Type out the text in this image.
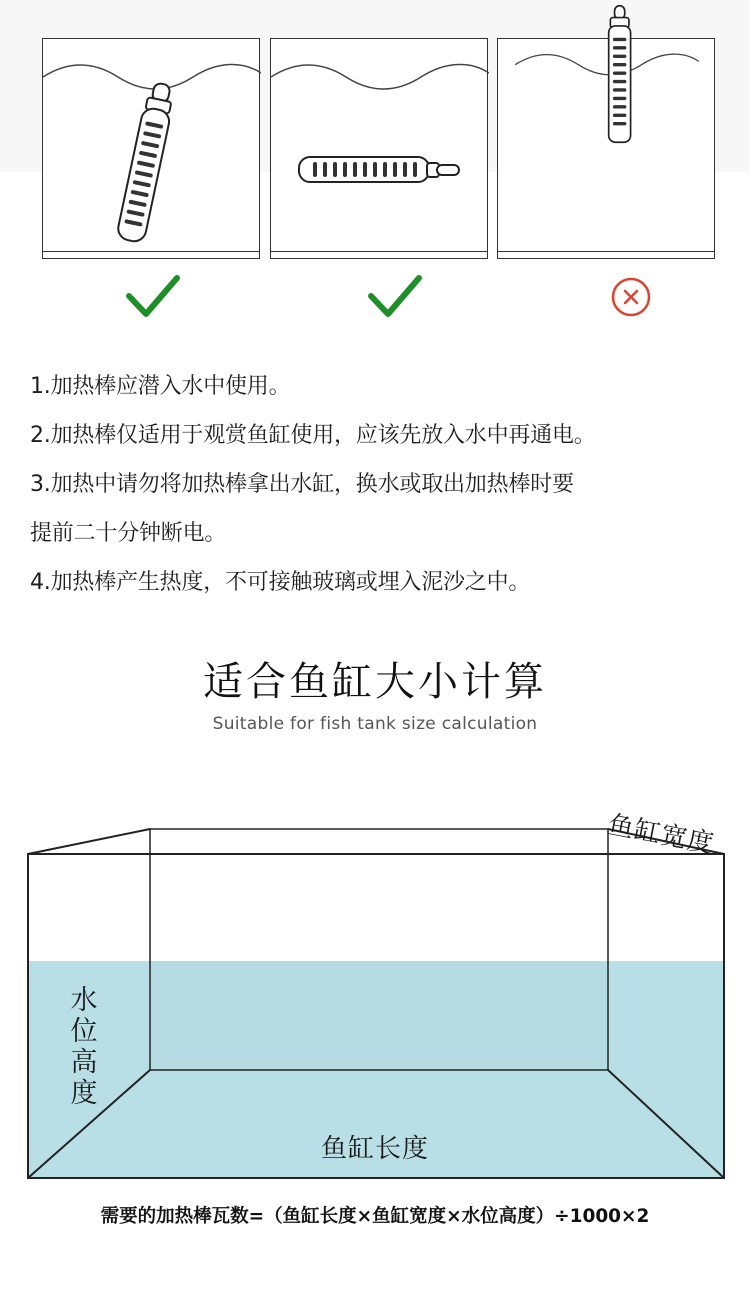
1.加热棒应潜入水中使用。
2.加热棒仅适用于观赏鱼缸使用，应该先放入水中再通电。
3.加热中请勿将加热棒拿出水缸，换水或取出加热棒时要
提前二十分钟断电。
4.加热棒产生热度，不可接触玻璃或埋入泥沙之中。
适合鱼缸大小计算
Suitable for fish tank size calculation
鱼缸宽度
水
位
高
度
鱼缸长度
需要的加热棒瓦数=（鱼缸长度×鱼缸宽度×水位高度）÷1000×2
